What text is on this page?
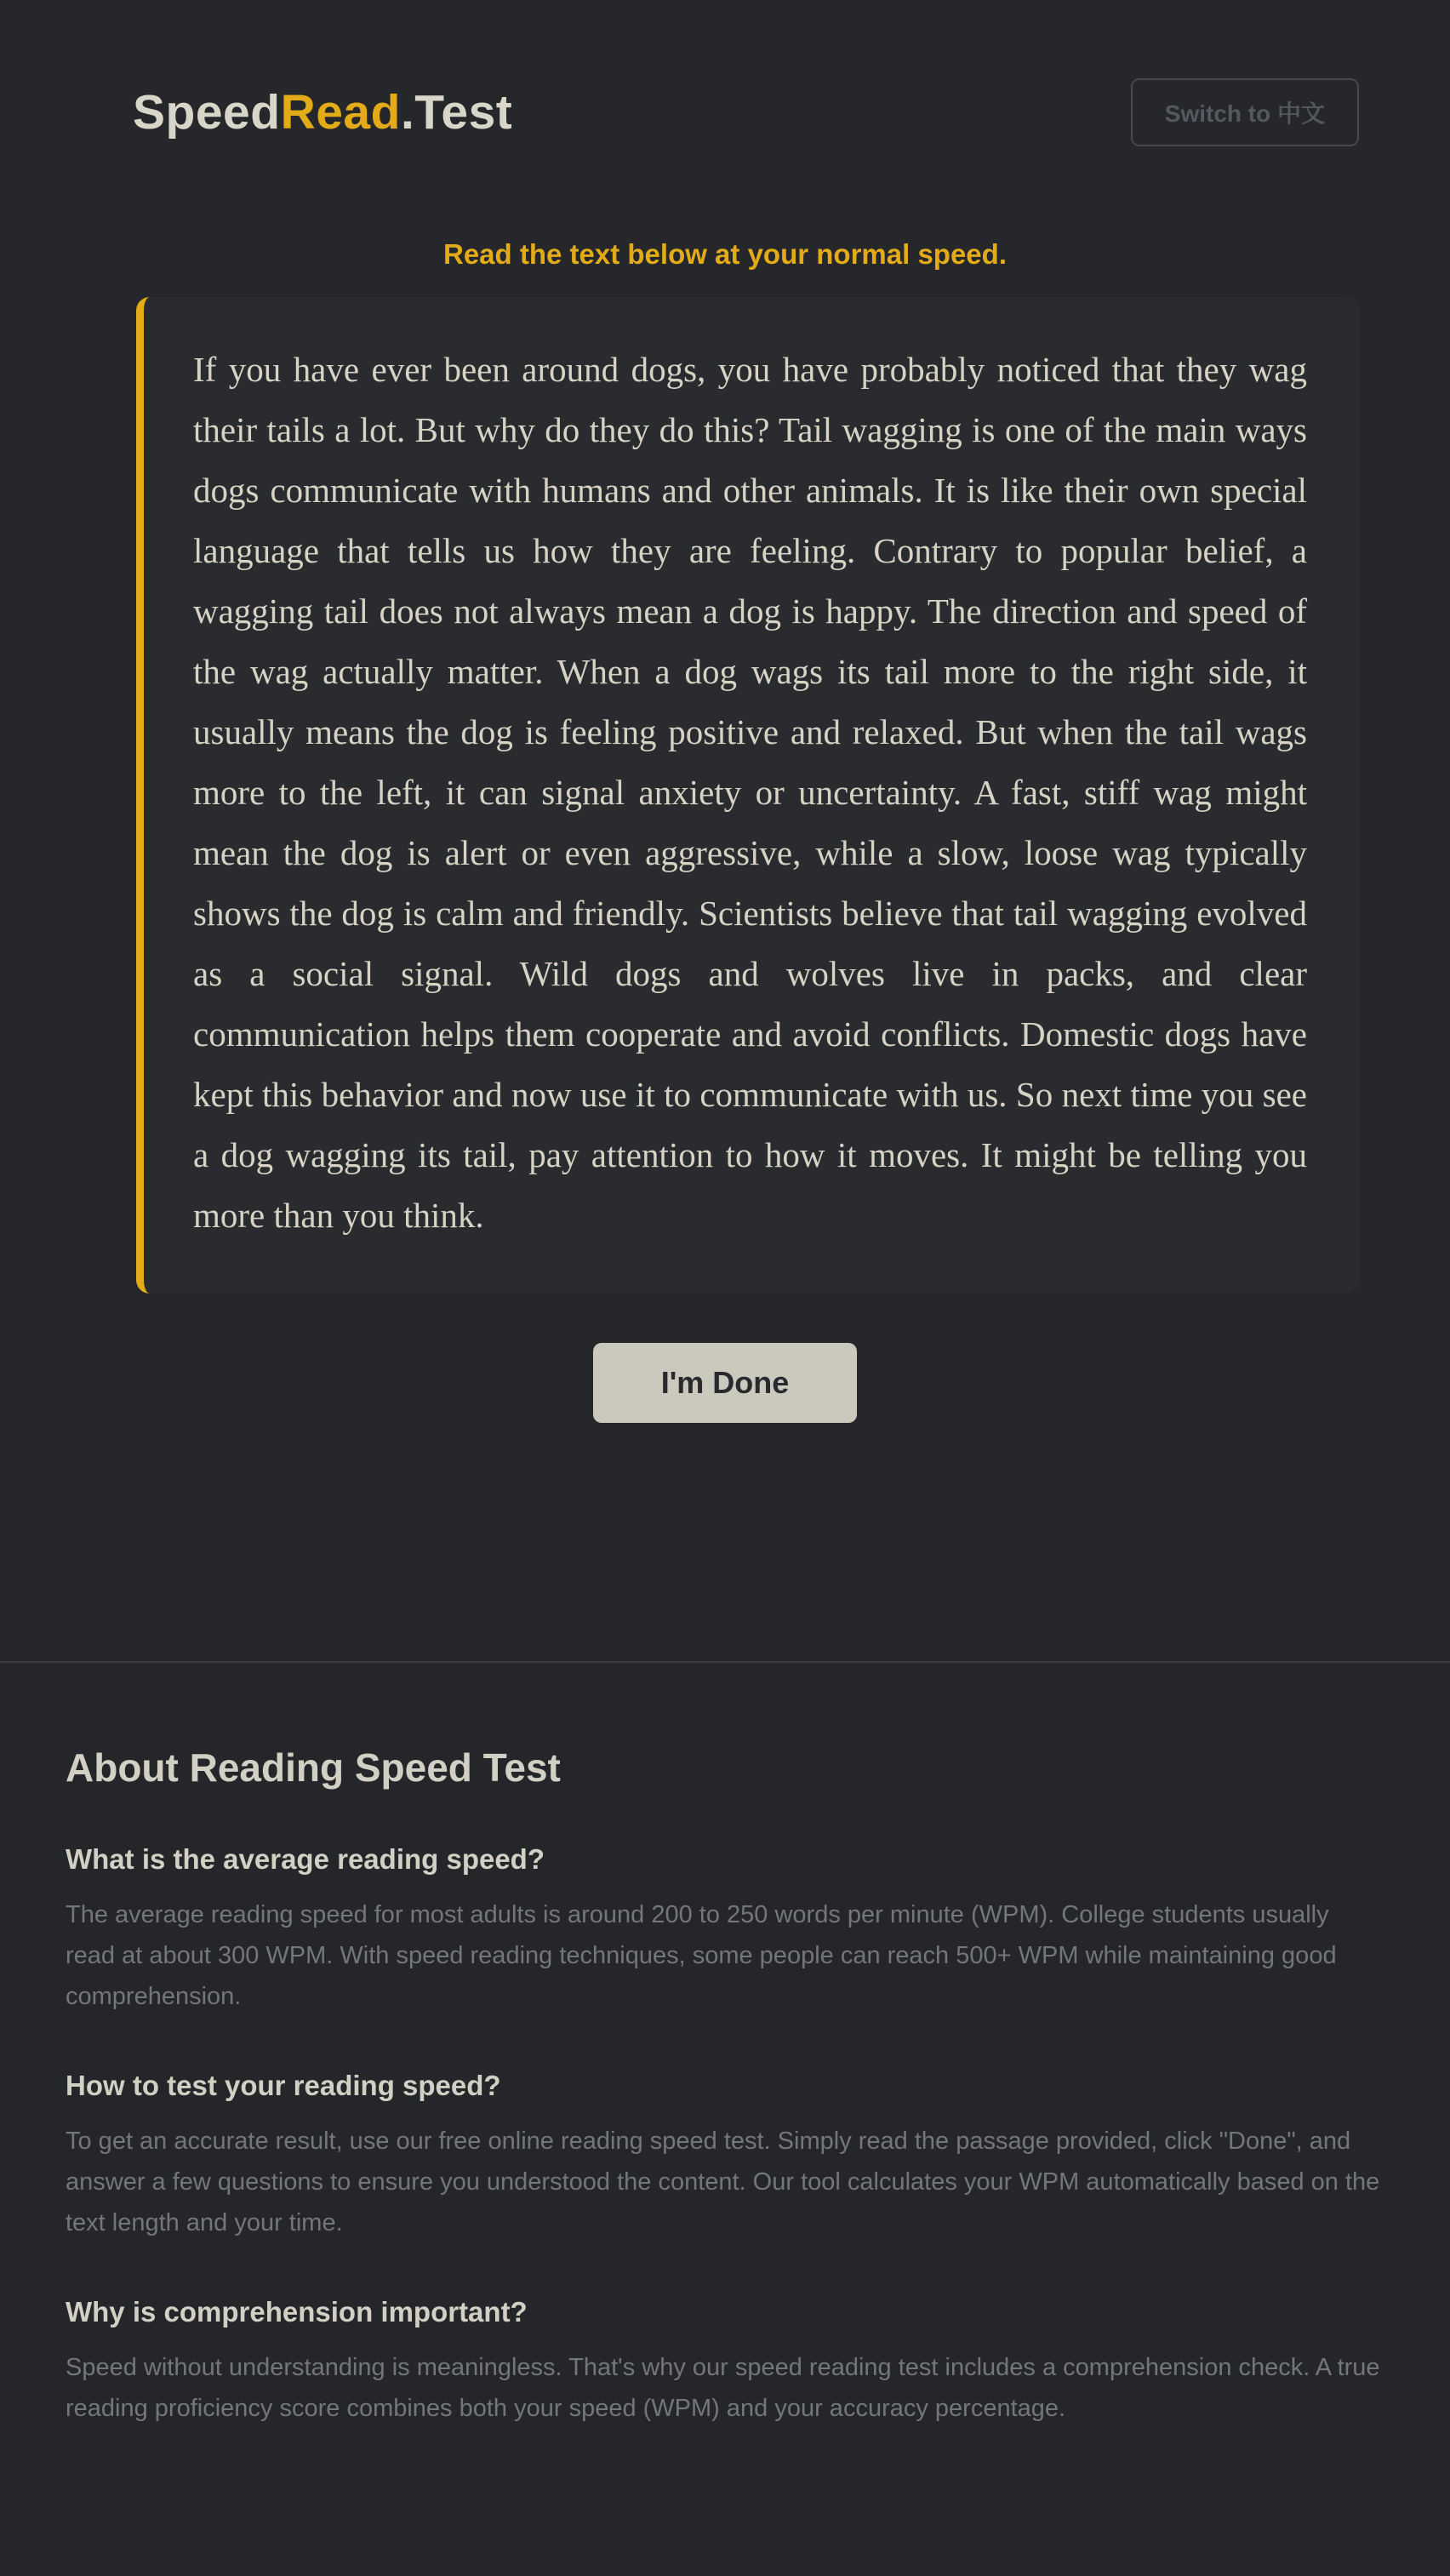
SpeedRead.Test	Switch to 中文

Read the text below at your normal speed.

If you have ever been around dogs, you have probably noticed that they wag their tails a lot. But why do they do this? Tail wagging is one of the main ways dogs communicate with humans and other animals. It is like their own special language that tells us how they are feeling. Contrary to popular belief, a wagging tail does not always mean a dog is happy. The direction and speed of the wag actually matter. When a dog wags its tail more to the right side, it usually means the dog is feeling positive and relaxed. But when the tail wags more to the left, it can signal anxiety or uncertainty. A fast, stiff wag might mean the dog is alert or even aggressive, while a slow, loose wag typically shows the dog is calm and friendly. Scientists believe that tail wagging evolved as a social signal. Wild dogs and wolves live in packs, and clear communication helps them cooperate and avoid conflicts. Domestic dogs have kept this behavior and now use it to communicate with us. So next time you see a dog wagging its tail, pay attention to how it moves. It might be telling you more than you think.

I'm Done
About Reading Speed Test
What is the average reading speed?

The average reading speed for most adults is around 200 to 250 words per minute (WPM). College students usually read at about 300 WPM. With speed reading techniques, some people can reach 500+ WPM while maintaining good comprehension.

How to test your reading speed?

To get an accurate result, use our free online reading speed test. Simply read the passage provided, click "Done", and answer a few questions to ensure you understood the content. Our tool calculates your WPM automatically based on the text length and your time.

Why is comprehension important?

Speed without understanding is meaningless. That's why our speed reading test includes a comprehension check. A true reading proficiency score combines both your speed (WPM) and your accuracy percentage.
